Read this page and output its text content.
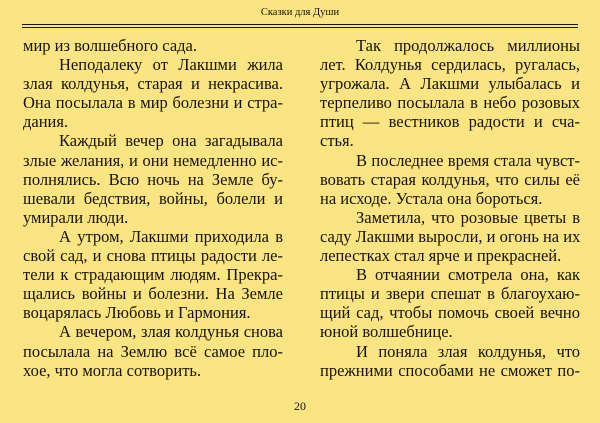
Сказки для Души
мир из волшебного сада.
Неподалеку от Лакшми жила
злая колдунья, старая и некрасива.
Она посылала в мир болезни и стра-
дания.
Каждый вечер она загадывала
злые желания, и они немедленно ис-
полнялись. Всю ночь на Земле бу-
шевали бедствия, войны, болели и
умирали люди.
А утром, Лакшми приходила в
свой сад, и снова птицы радости ле-
тели к страдающим людям. Прекра-
щались войны и болезни. На Земле
воцарялась Любовь и Гармония.
А вечером, злая колдунья снова
посылала на Землю всё самое пло-
хое, что могла сотворить.
Так продолжалось миллионы
лет. Колдунья сердилась, ругалась,
угрожала. А Лакшми улыбалась и
терпеливо посылала в небо розовых
птиц — вестников радости и сча-
стья.
В последнее время стала чувст-
вовать старая колдунья, что силы её
на исходе. Устала она бороться.
Заметила, что розовые цветы в
саду Лакшми выросли, и огонь на их
лепестках стал ярче и прекрасней.
В отчаянии смотрела она, как
птицы и звери спешат в благоухаю-
щий сад, чтобы помочь своей вечно
юной волшебнице.
И поняла злая колдунья, что
прежними способами не сможет по-
20
